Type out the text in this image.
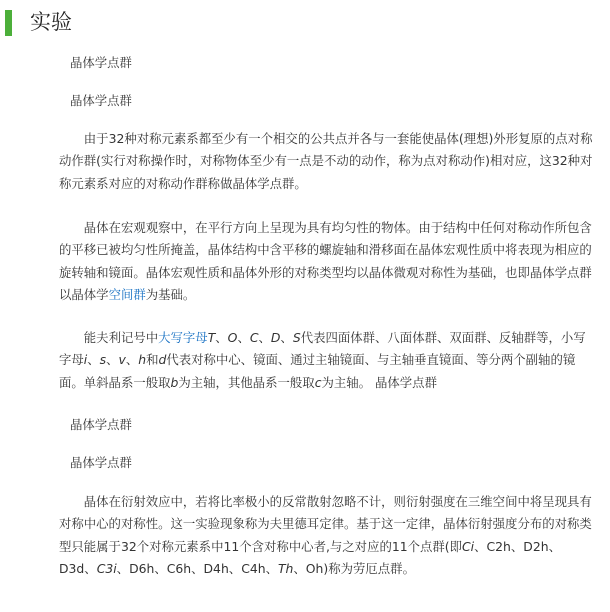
实验
晶体学点群
晶体学点群

由于32种对称元素系都至少有一个相交的公共点并各与一套能使晶体(理想)外形复原的点对称动作群(实行对称操作时，对称物体至少有一点是不动的动作，称为点对称动作)相对应，这32种对称元素系对应的对称动作群称做晶体学点群。

晶体在宏观观察中，在平行方向上呈现为具有均匀性的物体。由于结构中任何对称动作所包含的平移已被均匀性所掩盖，晶体结构中含平移的螺旋轴和滑移面在晶体宏观性质中将表现为相应的旋转轴和镜面。晶体宏观性质和晶体外形的对称类型均以晶体微观对称性为基础，也即晶体学点群以晶体学空间群为基础。

能夫利记号中大写字母T、O、C、D、S代表四面体群、八面体群、双面群、反轴群等，小写字母i、s、v、h和d代表对称中心、镜面、通过主轴镜面、与主轴垂直镜面、等分两个副轴的镜面。单斜晶系一般取b为主轴，其他晶系一般取c为主轴。 晶体学点群

晶体学点群
晶体学点群

晶体在衍射效应中，若将比率极小的反常散射忽略不计，则衍射强度在三维空间中将呈现具有对称中心的对称性。这一实验现象称为夫里德耳定律。基于这一定律，晶体衍射强度分布的对称类型只能属于32个对称元素系中11个含对称中心者,与之对应的11个点群(即Ci、C2h、D2h、D3d、C3i、D6h、C6h、D4h、C4h、Th、Oh)称为劳厄点群。
